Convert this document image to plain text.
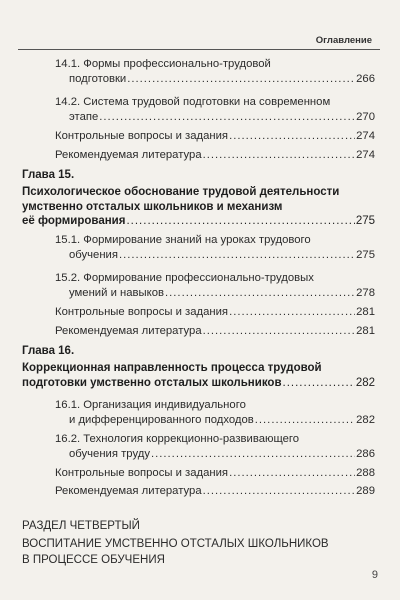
Оглавление
14.1. Формы профессионально-трудовой
подготовки .....	266
14.2. Система трудовой подготовки на современном
этапе .....	270
Контрольные вопросы и задания .....	274
Рекомендуемая литература .....	274
Глава 15.
Психологическое обоснование трудовой деятельности
умственно отсталых школьников и механизм
её формирования .....	275
15.1. Формирование знаний на уроках трудового
обучения .....	275
15.2. Формирование профессионально-трудовых
умений и навыков .....	278
Контрольные вопросы и задания .....	281
Рекомендуемая литература .....	281
Глава 16.
Коррекционная направленность процесса трудовой
подготовки умственно отсталых школьников .....	282
16.1. Организация индивидуального
и дифференцированного подходов .....	282
16.2. Технология коррекционно-развивающего
обучения труду .....	286
Контрольные вопросы и задания .....	288
Рекомендуемая литература .....	289
РАЗДЕЛ ЧЕТВЕРТЫЙ
ВОСПИТАНИЕ УМСТВЕННО ОТСТАЛЫХ ШКОЛЬНИКОВ
В ПРОЦЕССЕ ОБУЧЕНИЯ
9
